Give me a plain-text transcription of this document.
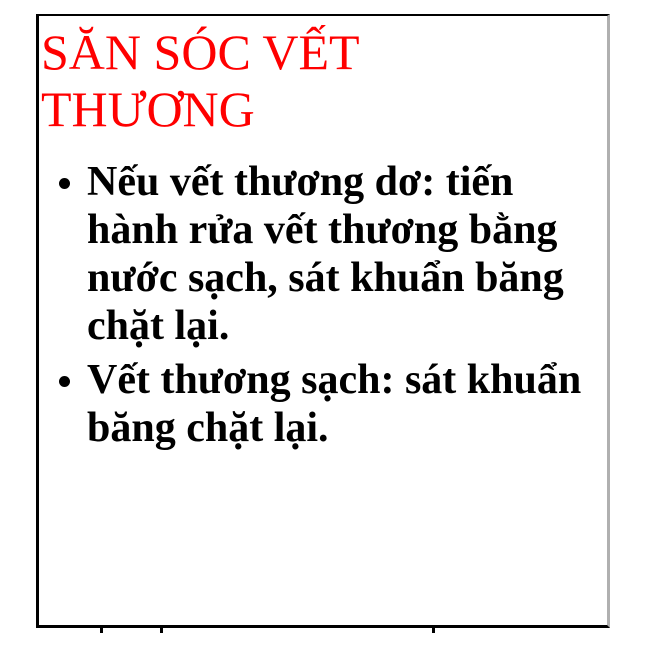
SĂN SÓC VẾT THƯƠNG
Nếu vết thương dơ: tiến hành rửa vết thương bằng nước sạch, sát khuẩn băng chặt lại.
Vết thương sạch: sát khuẩn băng chặt lại.
